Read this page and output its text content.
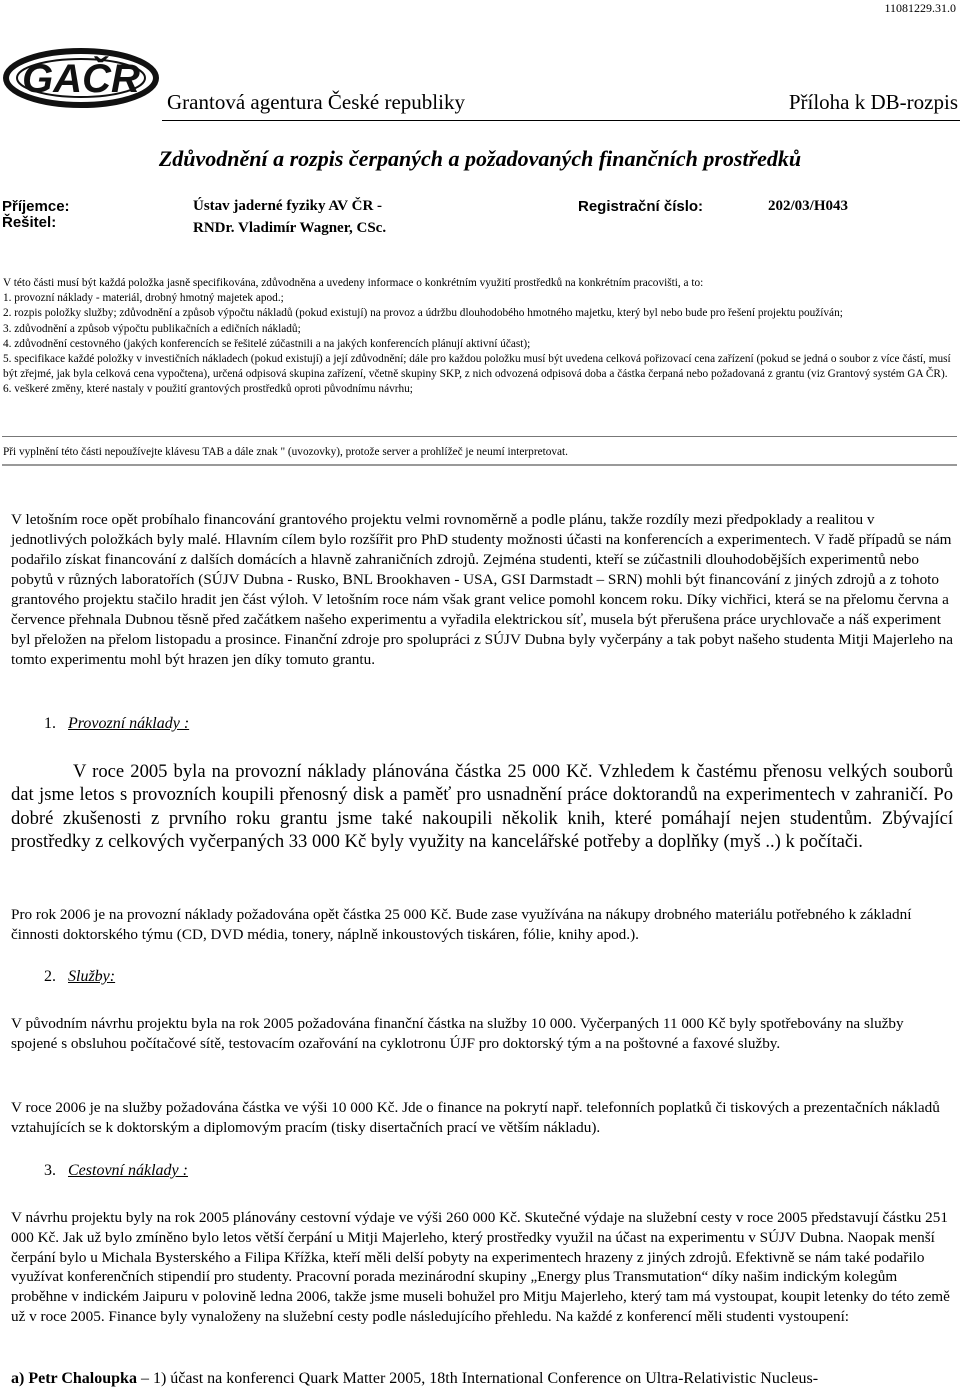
11081229.31.0
GAČR
Grantová agentura České republiky	Příloha k DB-rozpis
Zdůvodnění a rozpis čerpaných a požadovaných finančních prostředků
Příjemce:	Ústav jaderné fyziky AV ČR -
Řešitel:	RNDr. Vladimír Wagner, CSc.
Registrační číslo:	202/03/H043

V této části musí být každá položka jasně specifikována, zdůvodněna a uvedeny informace o konkrétním využití prostředků na konkrétním pracovišti, a to:

1. provozní náklady - materiál, drobný hmotný majetek apod.;

2. rozpis položky služby; zdůvodnění a způsob výpočtu nákladů (pokud existují) na provoz a údržbu dlouhodobého hmotného majetku, který byl nebo bude pro řešení projektu používán;

3. zdůvodnění a způsob výpočtu publikačních a edičních nákladů;

4. zdůvodnění cestovného (jakých konferencích se řešitelé zúčastnili a na jakých konferencích plánují aktivní účast);

5. specifikace každé položky v investičních nákladech (pokud existují) a její zdůvodnění; dále pro každou položku musí být uvedena celková pořizovací cena zařízení (pokud se jedná o soubor z více částí, musí být zřejmé, jak byla celková cena vypočtena), určená odpisová skupina zařízení, včetně skupiny SKP, z nich odvozená odpisová doba a částka čerpaná nebo požadovaná z grantu (viz Grantový systém GA ČR).

6. veškeré změny, které nastaly v použití grantových prostředků oproti původnímu návrhu;

Při vyplnění této části nepoužívejte klávesu TAB a dále znak " (uvozovky), protože server a prohlížeč je neumí interpretovat.
V letošním roce opět probíhalo financování grantového projektu velmi rovnoměrně a podle plánu, takže rozdíly mezi předpoklady a realitou v jednotlivých položkách byly malé. Hlavním cílem bylo rozšířit pro PhD studenty možnosti účasti na konferencích a experimentech. V řadě případů se nám podařilo získat financování z dalších domácích a hlavně zahraničních zdrojů. Zejména studenti, kteří se zúčastnili dlouhodobějších experimentů nebo pobytů v různých laboratořích (SÚJV Dubna - Rusko, BNL Brookhaven - USA, GSI Darmstadt – SRN) mohli být financování z jiných zdrojů a z tohoto grantového projektu stačilo hradit jen část výloh. V letošním roce nám však grant velice pomohl koncem roku. Díky vichřici, která se na přelomu června a července přehnala Dubnou těsně před začátkem našeho experimentu a vyřadila elektrickou síť, musela být přerušena práce urychlovače a náš experiment byl přeložen na přelom listopadu a prosince. Finanční zdroje pro spolupráci z SÚJV Dubna byly vyčerpány a tak pobyt našeho studenta Mitji Majerleho na tomto experimentu mohl být hrazen jen díky tomuto grantu.
1. Provozní náklady :
V roce 2005 byla na provozní náklady plánována částka 25 000 Kč. Vzhledem k častému přenosu velkých souborů dat jsme letos s provozních koupili přenosný disk a paměť pro usnadnění práce doktorandů na experimentech v zahraničí. Po dobré zkušenosti z prvního roku grantu jsme také nakoupili několik knih, které pomáhají nejen studentům. Zbývající prostředky z celkových vyčerpaných 33 000 Kč byly využity na kancelářské potřeby a doplňky (myš ..) k počítači.
Pro rok 2006 je na provozní náklady požadována opět částka 25 000 Kč. Bude zase využívána na nákupy drobného materiálu potřebného k základní činnosti doktorského týmu (CD, DVD média, tonery, náplně inkoustových tiskáren, fólie, knihy apod.).
2. Služby:
V původním návrhu projektu byla na rok 2005 požadována finanční částka na služby 10 000. Vyčerpaných 11 000 Kč byly spotřebovány na služby spojené s obsluhou počítačové sítě, testovacím ozařování na cyklotronu ÚJF pro doktorský tým a na poštovné a faxové služby.
V roce 2006 je na služby požadována částka ve výši 10 000 Kč. Jde o finance na pokrytí např. telefonních poplatků či tiskových a prezentačních nákladů vztahujících se k doktorským a diplomovým pracím (tisky disertačních prací ve větším nákladu).
3. Cestovní náklady :
V návrhu projektu byly na rok 2005 plánovány cestovní výdaje ve výši 260 000 Kč. Skutečné výdaje na služební cesty v roce 2005 představují částku 251 000 Kč. Jak už bylo zmíněno bylo letos větší čerpání u Mitji Majerleho, který prostředky využil na účast na experimentu v SÚJV Dubna. Naopak menší čerpání bylo u Michala Bysterského a Filipa Křížka, kteří měli delší pobyty na experimentech hrazeny z jiných zdrojů. Efektivně se nám také podařilo využívat konferenčních stipendií pro studenty. Pracovní porada mezinárodní skupiny „Energy plus Transmutation“ díky našim indickým kolegům proběhne v indickém Jaipuru v polovině ledna 2006, takže jsme museli bohužel pro Mitju Majerleho, který tam má vystoupat, koupit letenky do této země už v roce 2005. Finance byly vynaloženy na služební cesty podle následujícího přehledu. Na každé z konferencí měli studenti vystoupení:
a) Petr Chaloupka – 1) účast na konferenci Quark Matter 2005, 18th International Conference on Ultra-Relativistic Nucleus-
